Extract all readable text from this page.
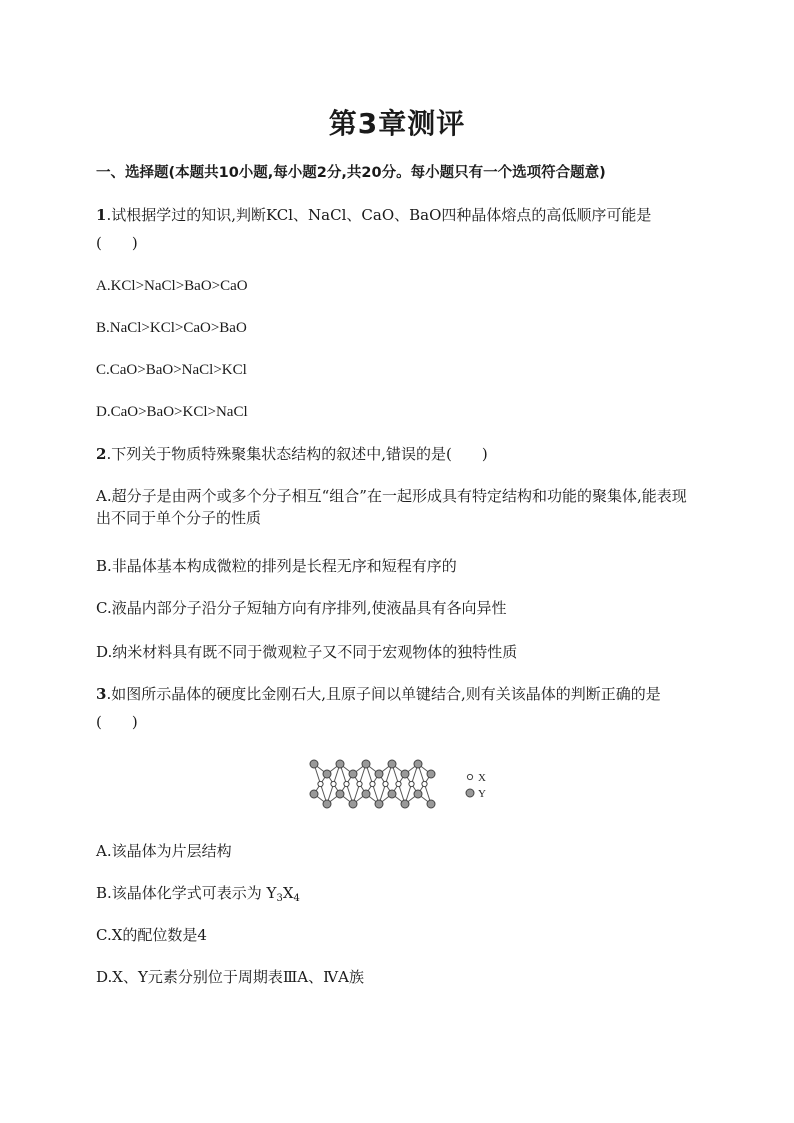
第3章测评
一、选择题(本题共10小题,每小题2分,共20分。每小题只有一个选项符合题意)
1.试根据学过的知识,判断KCl、NaCl、CaO、BaO四种晶体熔点的高低顺序可能是
(　　)
A.KCl>NaCl>BaO>CaO
B.NaCl>KCl>CaO>BaO
C.CaO>BaO>NaCl>KCl
D.CaO>BaO>KCl>NaCl
2.下列关于物质特殊聚集状态结构的叙述中,错误的是(　　)
A.超分子是由两个或多个分子相互“组合”在一起形成具有特定结构和功能的聚集体,能表现出不同于单个分子的性质
B.非晶体基本构成微粒的排列是长程无序和短程有序的
C.液晶内部分子沿分子短轴方向有序排列,使液晶具有各向异性
D.纳米材料具有既不同于微观粒子又不同于宏观物体的独特性质
3.如图所示晶体的硬度比金刚石大,且原子间以单键结合,则有关该晶体的判断正确的是
(　　)
X
Y
A.该晶体为片层结构
B.该晶体化学式可表示为 $Y_3X_4$
C.X的配位数是4
D.X、Y元素分别位于周期表ⅢA、ⅣA族
